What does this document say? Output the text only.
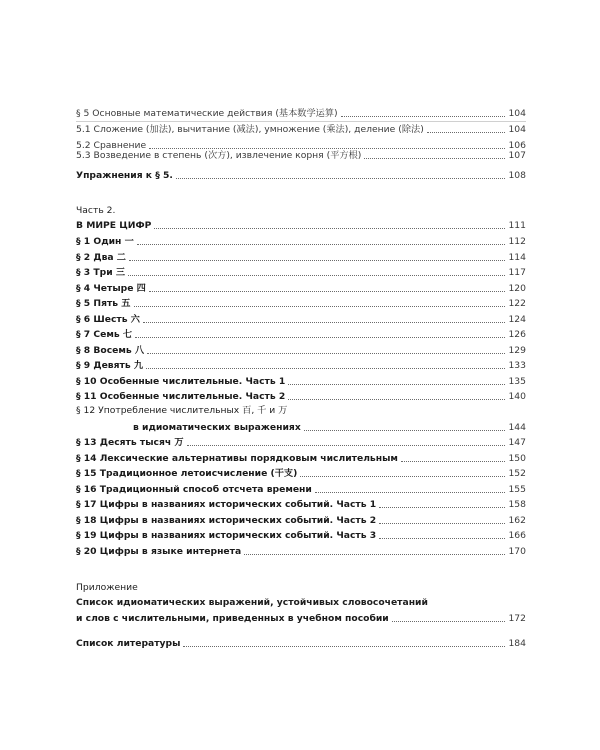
§ 5 Основные математические действия (基本数学运算)	104
5.1 Сложение (加法), вычитание (减法), умножение (乘法), деление (除法)	104
5.2 Сравнение	106
5.3 Возведение в степень (次方), извлечение корня (平方根)	107
Упражнения к § 5.	108
Часть 2.
В МИРЕ ЦИФР	111
§ 1 Один 一	112
§ 2 Два 二	114
§ 3 Три 三	117
§ 4 Четыре 四	120
§ 5 Пять 五	122
§ 6 Шесть 六	124
§ 7 Семь 七	126
§ 8 Восемь 八	129
§ 9 Девять 九	133
§ 10 Особенные числительные. Часть 1	135
§ 11 Особенные числительные. Часть 2	140
§ 12 Употребление числительных 百, 千 и 万
в идиоматических выражениях	144
§ 13 Десять тысяч 万	147
§ 14 Лексические альтернативы порядковым числительным	150
§ 15 Традиционное летоисчисление (干支)	152
§ 16 Традиционный способ отсчета времени	155
§ 17 Цифры в названиях исторических событий. Часть 1	158
§ 18 Цифры в названиях исторических событий. Часть 2	162
§ 19 Цифры в названиях исторических событий. Часть 3	166
§ 20 Цифры в языке интернета	170
Приложение
Список идиоматических выражений, устойчивых словосочетаний
и слов с числительными, приведенных в учебном пособии	172
Список литературы	184
